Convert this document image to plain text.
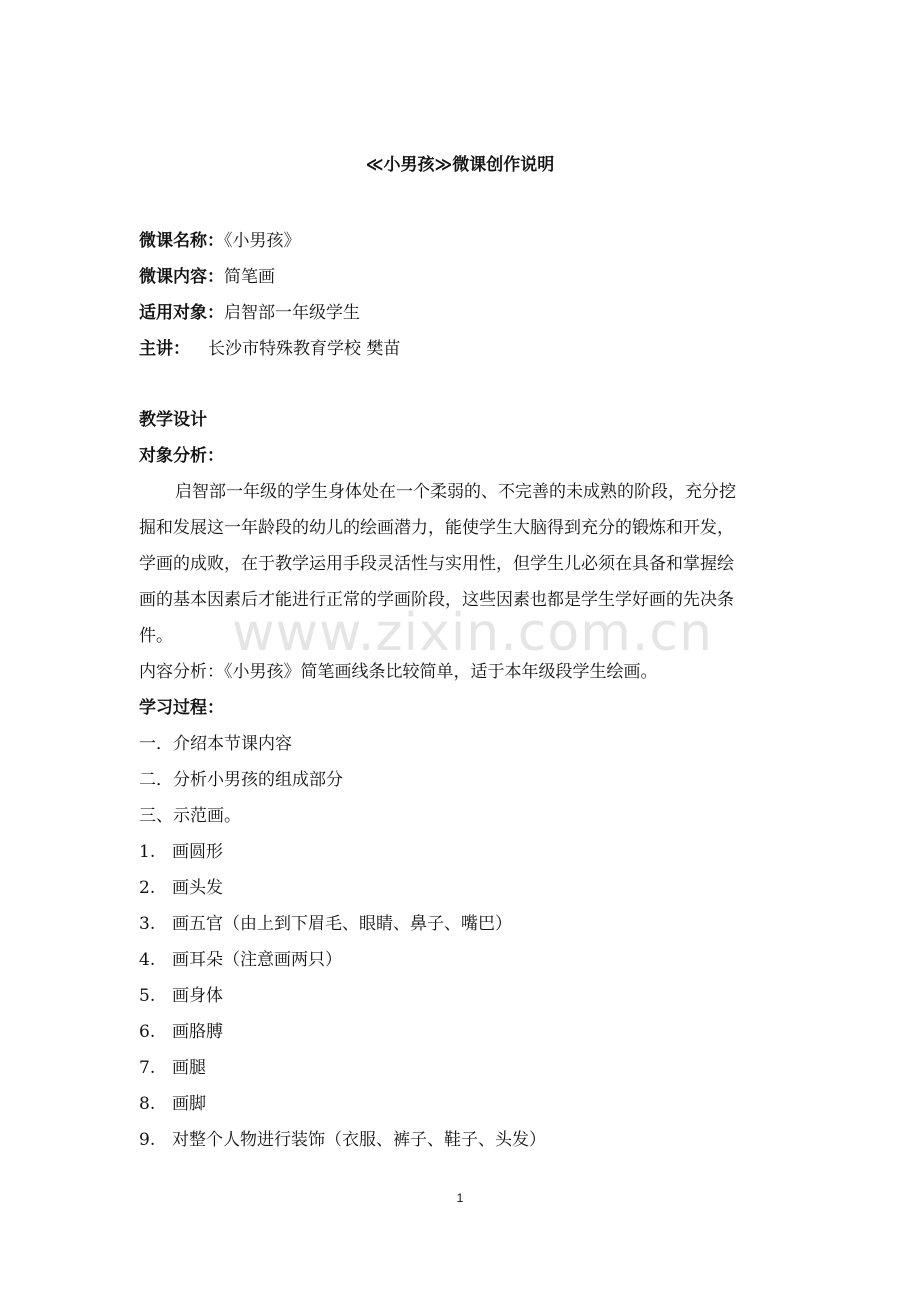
≪小男孩≫微课创作说明
微课名称：《小男孩》
微课内容：简笔画
适用对象：启智部一年级学生
主讲： 长沙市特殊教育学校 樊苗
教学设计
对象分析：
启智部一年级的学生身体处在一个柔弱的、不完善的未成熟的阶段，充分挖
掘和发展这一年龄段的幼儿的绘画潜力，能使学生大脑得到充分的锻炼和开发，
学画的成败，在于教学运用手段灵活性与实用性，但学生儿必须在具备和掌握绘
画的基本因素后才能进行正常的学画阶段，这些因素也都是学生学好画的先决条
件。
内容分析：《小男孩》简笔画线条比较简单，适于本年级段学生绘画。
学习过程：
一．介绍本节课内容
二．分析小男孩的组成部分
三、示范画。
1. 画圆形
2. 画头发
3. 画五官（由上到下眉毛、眼睛、鼻子、嘴巴）
4. 画耳朵（注意画两只）
5. 画身体
6. 画胳膊
7. 画腿
8. 画脚
9. 对整个人物进行装饰（衣服、裤子、鞋子、头发）
www.zixin.com.cn
1
